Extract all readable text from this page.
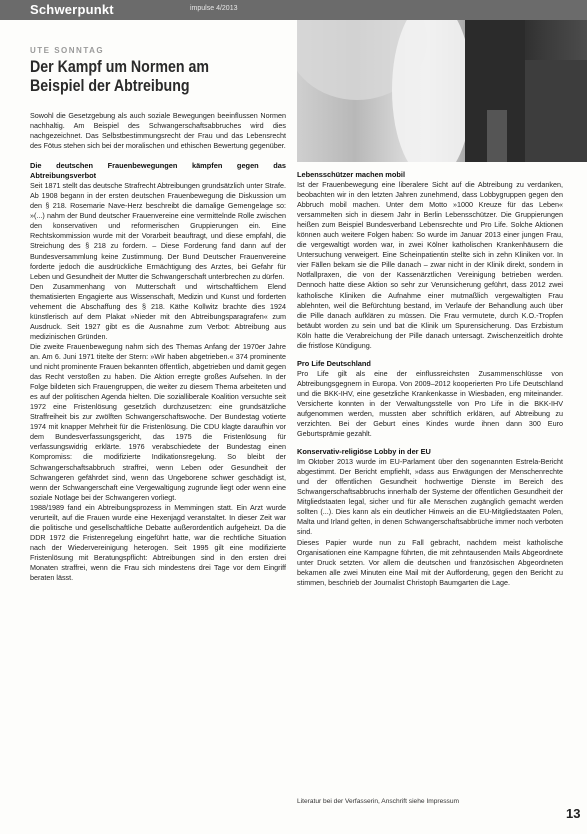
Schwerpunkt	impulse 4/2013
UTE SONNTAG
Der Kampf um Normen am Beispiel der Abtreibung

Sowohl die Gesetzgebung als auch soziale Bewegungen beeinflussen Normen nachhaltig. Am Beispiel des Schwangerschaftsabbruches wird dies nachgezeichnet. Das Selbstbestimmungsrecht der Frau und das Lebensrecht des Fötus stehen sich bei der moralischen und ethischen Bewertung gegenüber.

Die deutschen Frauenbewegungen kämpfen gegen das Abtreibungsverbot

Seit 1871 stellt das deutsche Strafrecht Abtreibungen grundsätzlich unter Strafe. Ab 1908 begann in der ersten deutschen Frauenbewegung die Diskussion um den § 218. Rosemarie Nave-Herz beschreibt die damalige Gemengelage so: »(...) nahm der Bund deutscher Frauenvereine eine vermittelnde Rolle zwischen den konservativen und reformerischen Gruppierungen ein. Eine Rechtskommission wurde mit der Vorarbeit beauftragt, und diese empfahl, die Streichung des § 218 zu fordern. – Diese Forderung fand dann auf der Bundesversammlung keine Zustimmung. Der Bund Deutscher Frauenvereine forderte jedoch die ausdrückliche Ermächtigung des Arztes, bei Gefahr für Leben und Gesundheit der Mutter die Schwangerschaft unterbrechen zu dürfen.

Den Zusammenhang von Mutterschaft und wirtschaftlichem Elend thematisierten Engagierte aus Wissenschaft, Medizin und Kunst und forderten vehement die Abschaffung des § 218. Käthe Kollwitz brachte dies 1924 künstlerisch auf dem Plakat »Nieder mit den Abtreibungsparagrafen« zum Ausdruck. Seit 1927 gibt es die Ausnahme zum Verbot: Abtreibung aus medizinischen Gründen.

Die zweite Frauenbewegung nahm sich des Themas Anfang der 1970er Jahre an. Am 6. Juni 1971 titelte der Stern: »Wir haben abgetrieben.« 374 prominente und nicht prominente Frauen bekannten öffentlich, abgetrieben und damit gegen das Recht verstoßen zu haben. Die Aktion erregte großes Aufsehen. In der Folge bildeten sich Frauengruppen, die weiter zu diesem Thema arbeiteten und es auf der politischen Agenda hielten. Die sozialliberale Koalition versuchte seit 1972 eine Fristenlösung gesetzlich durchzusetzen: eine grundsätzliche Straffreiheit bis zur zwölften Schwangerschaftswoche. Der Bundestag votierte 1974 mit knapper Mehrheit für die Fristenlösung. Die CDU klagte daraufhin vor dem Bundesverfassungsgericht, das 1975 die Fristenlösung für verfassungswidrig erklärte. 1976 verabschiedete der Bundestag einen Kompromiss: die modifizierte Indikationsregelung. So bleibt der Schwangerschaftsabbruch straffrei, wenn Leben oder Gesundheit der Schwangeren gefährdet sind, wenn das Ungeborene schwer geschädigt ist, wenn der Schwangerschaft eine Vergewaltigung zugrunde liegt oder wenn eine soziale Notlage bei der Schwangeren vorliegt.

1988/1989 fand ein Abtreibungsprozess in Memmingen statt. Ein Arzt wurde verurteilt, auf die Frauen wurde eine Hexenjagd veranstaltet. In dieser Zeit war die politische und gesellschaftliche Debatte außerordentlich aufgeheizt. Da die DDR 1972 die Fristenregelung eingeführt hatte, war die rechtliche Situation nach der Wiedervereinigung heterogen. Seit 1995 gilt eine modifizierte Fristenlösung mit Beratungspflicht: Abtreibungen sind in den ersten drei Monaten straffrei, wenn die Frau sich mindestens drei Tage vor dem Eingriff beraten lässt.

Lebensschützer machen mobil

Ist der Frauenbewegung eine liberalere Sicht auf die Abtreibung zu verdanken, beobachten wir in den letzten Jahren zunehmend, dass Lobbygruppen gegen den Abbruch mobil machen. Unter dem Motto »1000 Kreuze für das Leben« versammelten sich in diesem Jahr in Berlin Lebensschützer. Die Gruppierungen heißen zum Beispiel Bundesverband Lebensrechte und Pro Life. Solche Aktionen können auch weitere Folgen haben: So wurde im Januar 2013 einer jungen Frau, die vergewaltigt worden war, in zwei Kölner katholischen Krankenhäusern die Untersuchung verweigert. Eine Scheinpatientin stellte sich in zehn Kliniken vor. In vier Fällen bekam sie die Pille danach – zwar nicht in der Klinik direkt, sondern in Notfallpraxen, die von der Kassenärztlichen Vereinigung betrieben werden. Dennoch hatte diese Aktion so sehr zur Verunsicherung geführt, dass 2012 zwei katholische Kliniken die Aufnahme einer mutmaßlich vergewaltigten Frau ablehnten, weil die Befürchtung bestand, im Verlaufe der Behandlung auch über die Pille danach aufklären zu müssen. Die Frau vermutete, durch K.O.-Tropfen betäubt worden zu sein und bat die Klinik um Spurensicherung. Das Erzbistum Köln hatte die Verabreichung der Pille danach untersagt. Zwischenzeitlich drohte die fristlose Kündigung.

Pro Life Deutschland

Pro Life gilt als eine der einflussreichsten Zusammenschlüsse von Abtreibungsgegnern in Europa. Von 2009–2012 kooperierten Pro Life Deutschland und die BKK-IHV, eine gesetzliche Krankenkasse in Wiesbaden, eng miteinander. Versicherte konnten in der Verwaltungsstelle von Pro Life in die BKK-IHV aufgenommen werden, mussten aber schriftlich erklären, auf Abtreibung zu verzichten. Bei der Geburt eines Kindes wurde ihnen dann 300 Euro Geburtsprämie gezahlt.

Konservativ-religiöse Lobby in der EU

Im Oktober 2013 wurde im EU-Parlament über den sogenannten Estrela-Bericht abgestimmt. Der Bericht empfiehlt, »dass aus Erwägungen der Menschenrechte und der öffentlichen Gesundheit hochwertige Dienste im Bereich des Schwangerschaftsabbruchs innerhalb der Systeme der öffentlichen Gesundheit der Mitgliedstaaten legal, sicher und für alle Menschen zugänglich gemacht werden sollten (...). Dies kann als ein deutlicher Hinweis an die EU-Mitgliedstaaten Polen, Malta und Irland gelten, in denen Schwangerschaftsabbrüche immer noch verboten sind.

Dieses Papier wurde nun zu Fall gebracht, nachdem meist katholische Organisationen eine Kampagne führten, die mit zehntausenden Mails Abgeordnete unter Druck setzten. Vor allem die deutschen und französischen Abgeordneten bekamen alle zwei Minuten eine Mail mit der Aufforderung, gegen den Bericht zu stimmen, beschrieb der Journalist Christoph Baumgarten die Lage.

Literatur bei der Verfasserin, Anschrift siehe Impressum
13
